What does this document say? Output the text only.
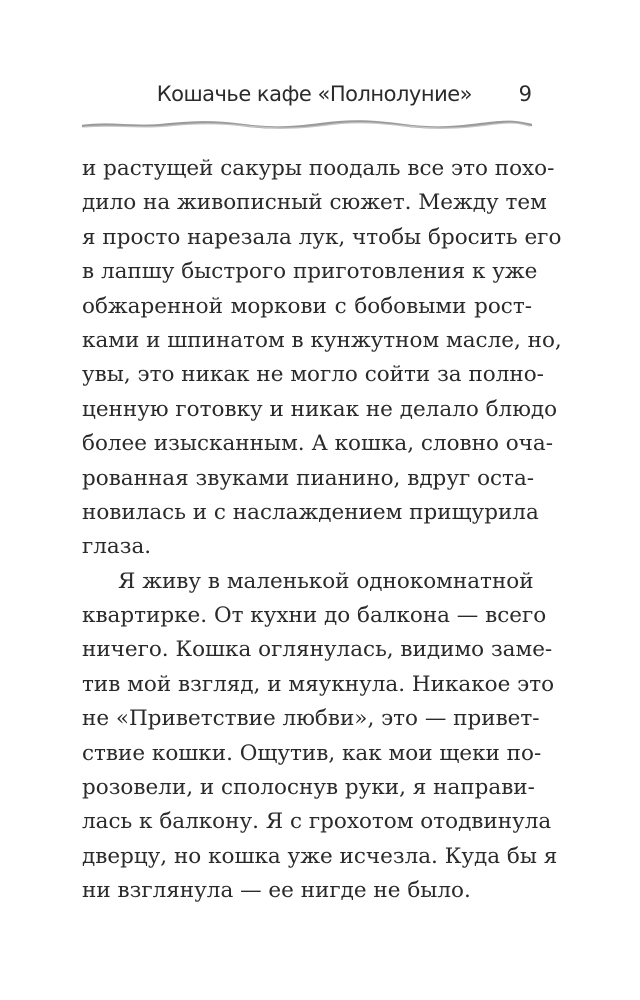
Кошачье кафе «Полнолуние» 9
и растущей сакуры поодаль все это похо-
дило на живописный сюжет. Между тем
я просто нарезала лук, чтобы бросить его
в лапшу быстрого приготовления к уже
обжаренной моркови с бобовыми рост-
ками и шпинатом в кунжутном масле, но,
увы, это никак не могло сойти за полно-
ценную готовку и никак не делало блюдо
более изысканным. А кошка, словно оча-
рованная звуками пианино, вдруг оста-
новилась и с наслаждением прищурила
глаза.
Я живу в маленькой однокомнатной
квартирке. От кухни до балкона — всего
ничего. Кошка оглянулась, видимо заме-
тив мой взгляд, и мяукнула. Никакое это
не «Приветствие любви», это — привет-
ствие кошки. Ощутив, как мои щеки по-
розовели, и сполоснув руки, я направи-
лась к балкону. Я с грохотом отодвинула
дверцу, но кошка уже исчезла. Куда бы я
ни взглянула — ее нигде не было.
